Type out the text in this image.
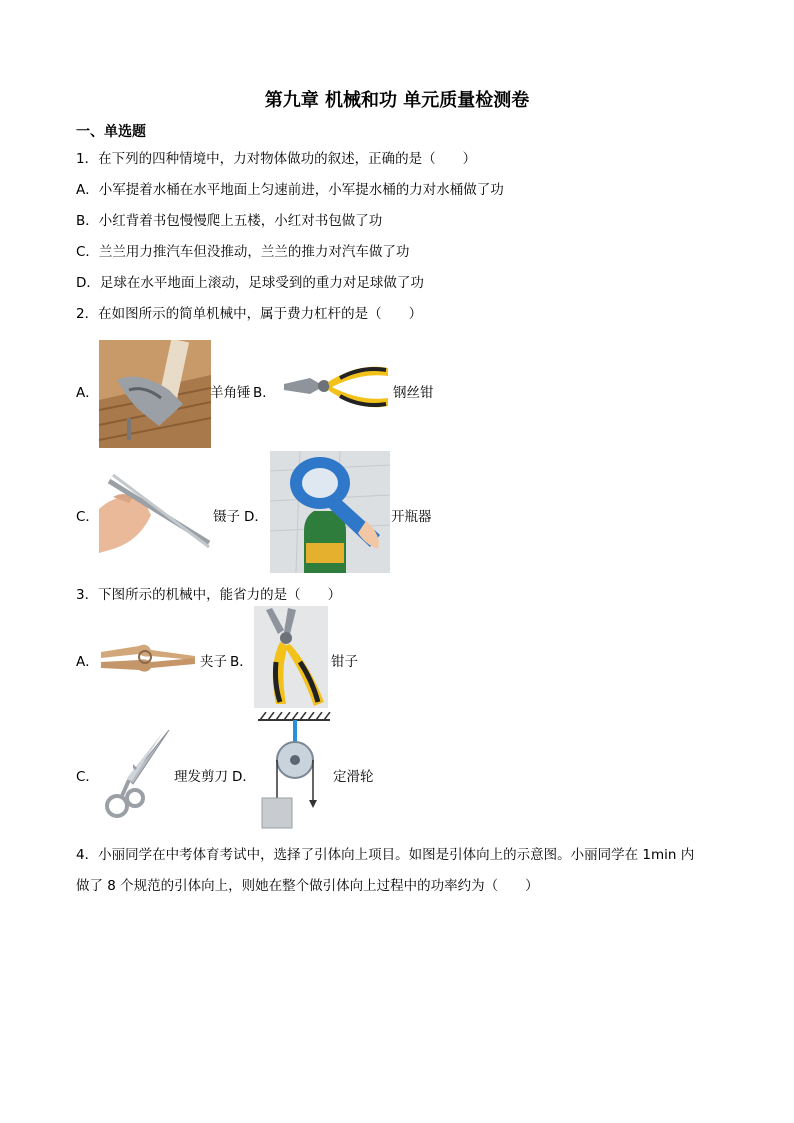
第九章 机械和功 单元质量检测卷
一、单选题
1．在下列的四种情境中，力对物体做功的叙述，正确的是（　　）
A．小军提着水桶在水平地面上匀速前进，小军提水桶的力对水桶做了功
B．小红背着书包慢慢爬上五楼，小红对书包做了功
C．兰兰用力推汽车但没推动，兰兰的推力对汽车做了功
D．足球在水平地面上滚动，足球受到的重力对足球做了功
2．在如图所示的简单机械中，属于费力杠杆的是（　　）
A．	羊角锤 B．	钢丝钳
C．	镊子 D．	开瓶器
3．下图所示的机械中，能省力的是（　　）
A．	夹子 B．	钳子
C．	理发剪刀 D．	定滑轮
4．小丽同学在中考体育考试中，选择了引体向上项目。如图是引体向上的示意图。小丽同学在 1min 内
做了 8 个规范的引体向上，则她在整个做引体向上过程中的功率约为（　　）
